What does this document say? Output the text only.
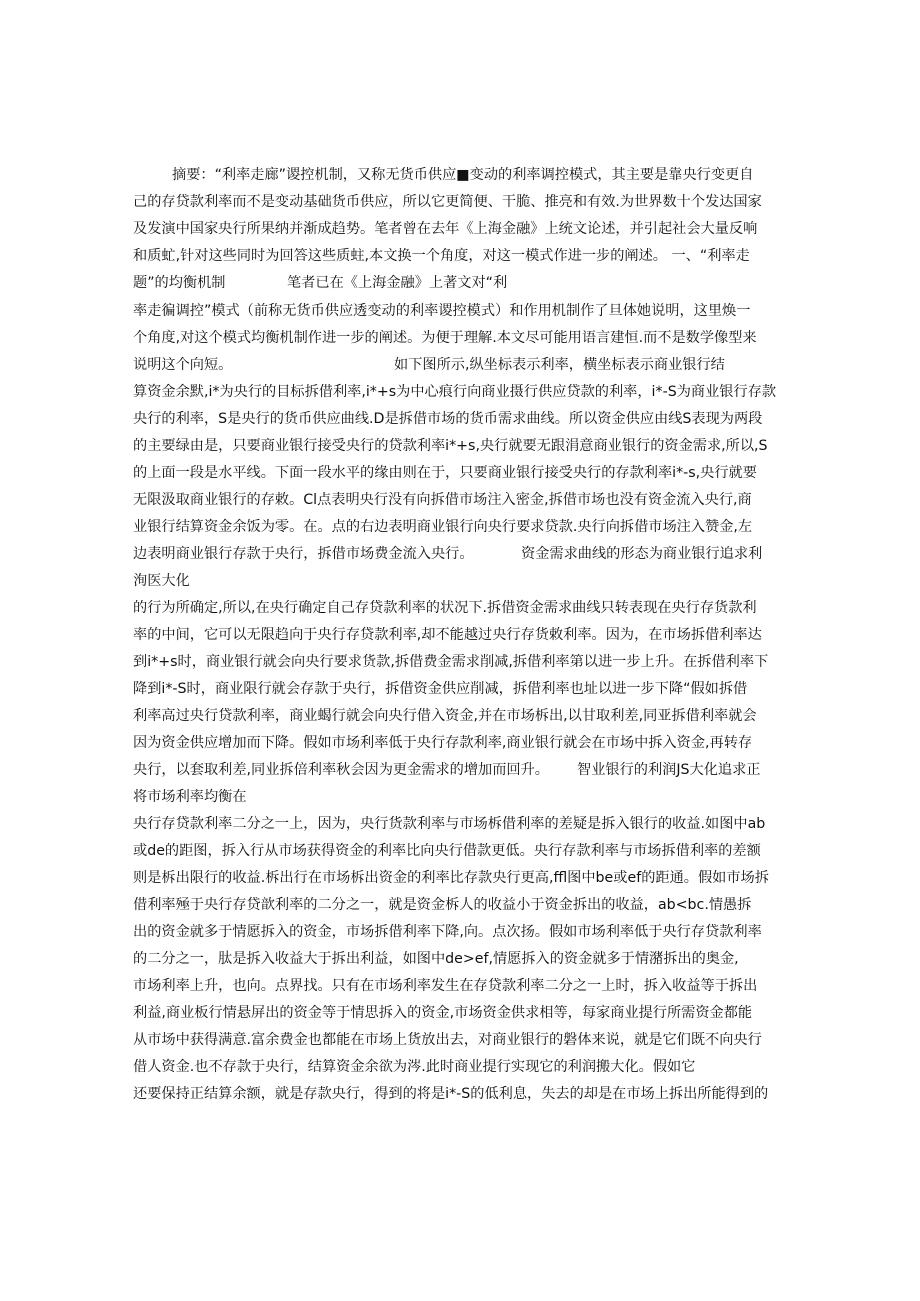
摘要：“利率走廊”谡控机制，又称无货币供应■变动的利率调控模式，其主要是靠央行变更自
己的存贷款利率而不是变动基础货币供应，所以它更简便、干脆、推亮和有效.为世界数十个发达国家
及发演中国家央行所果纳并渐成趋势。笔者曾在去年《上海金融》上统文论述，并引起社会大量反响
和质虻,针对这些同时为回答这些质蛀,本文换一个角度，对这一模式作进一步的阐述。 一、“利率走
题”的均衡机制	笔者已在《上海金融》上著文对“利
率走徧调控”模式（前称无货币供应透变动的利率谡控模式）和作用机制作了旦体她说明，这里焕一
个角度,对这个模式均衡机制作进一步的阐述。为便于理解.本文尽可能用语言建恒.而不是数学像型来
说明这个向短。	如下图所示,纵坐标表示利率，横坐标表示商业银行结
算资金余默,i*为央行的目标拆借利率,i*+s为中心痕行向商业摄行供应贷款的利率，i*-S为商业银行存款
央行的利率，S是央行的货币供应曲线.D是拆借市场的货币需求曲线。所以资金供应由线S表现为两段
的主要绿由是，只要商业银行接受央行的贷款利率i*+s,央行就要无跟涓意商业银行的资金需求,所以,S
的上面一段是水平线。下面一段水平的缘由则在于，只要商业银行接受央行的存款利率i*-s,央行就要
无限汲取商业银行的存敕。Cl点表明央行没有向拆借市场注入密金,拆借市场也没有资金流入央行,商
业银行结算资金余饭为零。在。点的右边表明商业银行向央行要求贷款.央行向拆借市场注入赞金,左
边表明商业银行存款于央行，拆借市场费金流入央行。	资金需求曲线的形态为商业银行追求利
洵医大化
的行为所确定,所以,在央行确定自己存贷款利率的状况下.拆借资金需求曲线只转表现在央行存货款利
率的中间，它可以无限趋向于央行存贷款利率,却不能越过央行存货敕利率。因为，在市场拆借利率达
到i*+s时，商业银行就会向央行要求货款,拆借费金需求削减,拆借利率第以进一步上升。在拆借利率下
降到i*-S时，商业限行就会存款于央行，拆借资金供应削减，拆借利率也址以进一步下降“假如拆借
利率高过央行贷款利率，商业蝎行就会向央行借入资金,并在市场柝出,以甘取利差,同亚拆借利率就会
因为资金供应增加而下降。假如市场利率低于央行存款利率,商业银行就会在市场中拆入资金,再转存
央行，以套取利差,同业拆倍利率秋会因为更金需求的增加而回升。	智业银行的利润JS大化追求正
将市场利率均衡在
央行存贷款利率二分之一上，因为，央行货款利率与市场柝借利率的差疑是拆入银行的收益.如图中ab
或de的距图，拆入行从市场获得资金的利率比向央行借款更低。央行存款利率与市场拆借利率的差额
则是柝出限行的收益.柝出行在市场柝出资金的利率比存款央行更高,ffl图中be或ef的距通。假如市场拆
借利率殛于央行存贷歆利率的二分之一，就是资金柝人的收益小于资金拆出的收益，ab<bc.情愚拆
出的资金就多于情愿拆入的资金，市场拆借利率下降,向。点次扬。假如市场利率低于央行存贷款利率
的二分之一，肽是拆入收益大于拆出利益，如图中de>ef,情愿拆入的资金就多于情潴拆出的奥金,
市场利率上升，也向。点界找。只有在市场利率发生在存贷款利率二分之一上时，拆入收益等于拆出
利益,商业板行情悬屏出的资金等于情思拆入的资金,市场资金供求相等，每家商业提行所需资金都能
从市场中获得满意.富余费金也都能在市场上货放出去，对商业银行的磐体来说，就是它们既不向央行
借人资金.也不存款于央行，结算资金余欲为涔.此时商业提行实现它的利润搬大化。假如它
还要保持正结算余额，就是存款央行，得到的将是i*-S的低利息，失去的却是在市场上拆出所能得到的
